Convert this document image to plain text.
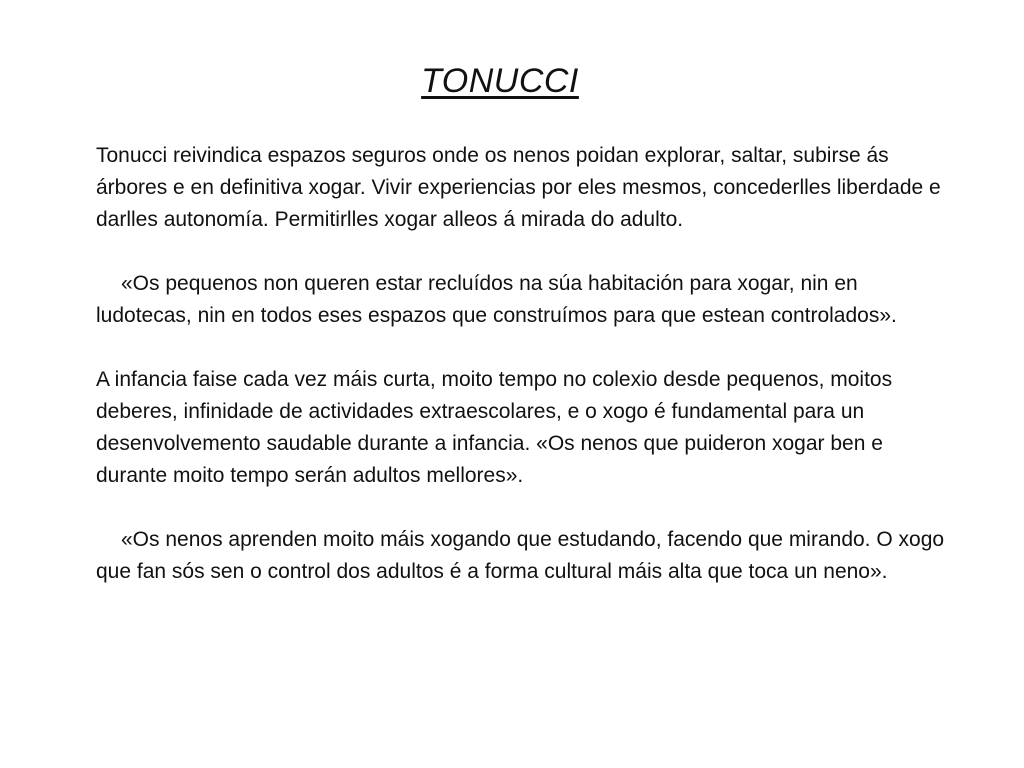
TONUCCI

Tonucci reivindica espazos seguros onde os nenos poidan explorar, saltar, subirse ás árbores e en definitiva xogar. Vivir experiencias por eles mesmos, concederlles liberdade e darlles autonomía. Permitirlles xogar alleos á mirada do adulto.

«Os pequenos non queren estar recluídos na súa habitación para xogar, nin en ludotecas, nin en todos eses espazos que construímos para que estean controlados».

A infancia faise cada vez máis curta, moito tempo no colexio desde pequenos, moitos deberes, infinidade de actividades extraescolares, e o xogo é fundamental para un desenvolvemento saudable durante a infancia. «Os nenos que puideron xogar ben e durante moito tempo serán adultos mellores».

«Os nenos aprenden moito máis xogando que estudando, facendo que mirando. O xogo que fan sós sen o control dos adultos é a forma cultural máis alta que toca un neno».
